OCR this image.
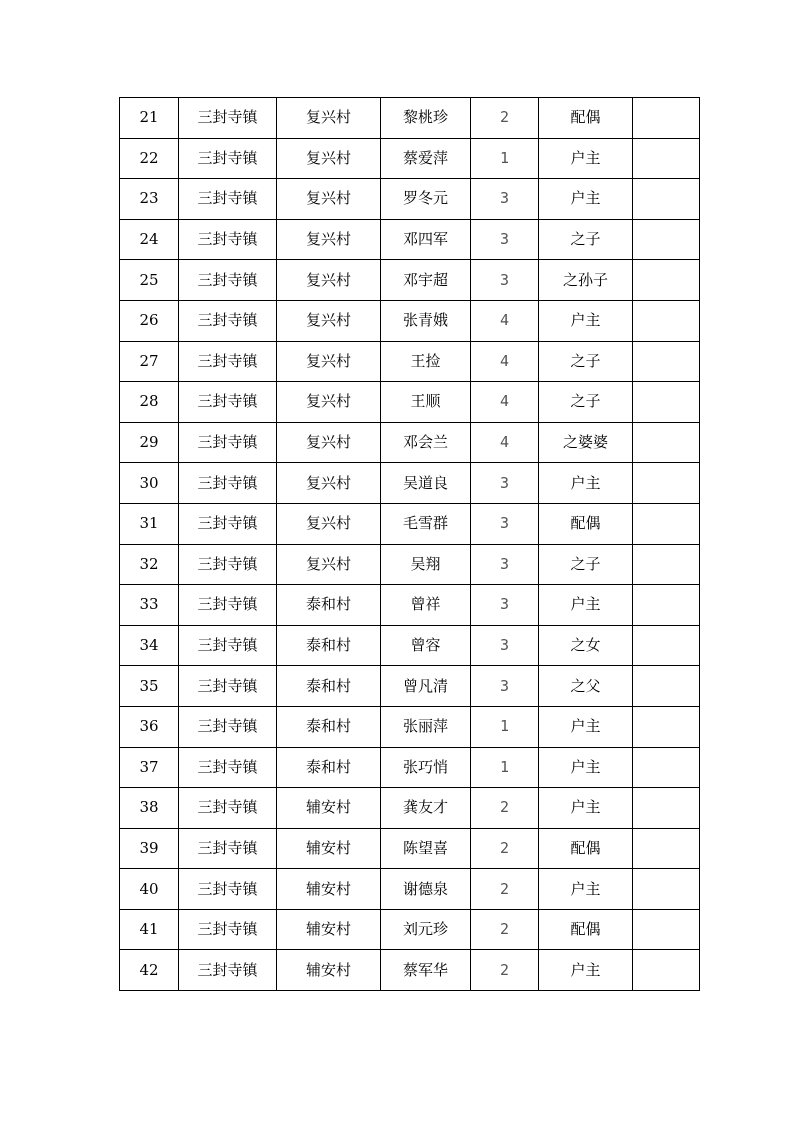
21	三封寺镇	复兴村	黎桃珍	2	配偶	
22	三封寺镇	复兴村	蔡爱萍	1	户主	
23	三封寺镇	复兴村	罗冬元	3	户主	
24	三封寺镇	复兴村	邓四军	3	之子	
25	三封寺镇	复兴村	邓宇超	3	之孙子	
26	三封寺镇	复兴村	张青娥	4	户主	
27	三封寺镇	复兴村	王捡	4	之子	
28	三封寺镇	复兴村	王顺	4	之子	
29	三封寺镇	复兴村	邓会兰	4	之婆婆	
30	三封寺镇	复兴村	吴道良	3	户主	
31	三封寺镇	复兴村	毛雪群	3	配偶	
32	三封寺镇	复兴村	吴翔	3	之子	
33	三封寺镇	泰和村	曾祥	3	户主	
34	三封寺镇	泰和村	曾容	3	之女	
35	三封寺镇	泰和村	曾凡清	3	之父	
36	三封寺镇	泰和村	张丽萍	1	户主	
37	三封寺镇	泰和村	张巧悄	1	户主	
38	三封寺镇	辅安村	龚友才	2	户主	
39	三封寺镇	辅安村	陈望喜	2	配偶	
40	三封寺镇	辅安村	谢德泉	2	户主	
41	三封寺镇	辅安村	刘元珍	2	配偶	
42	三封寺镇	辅安村	蔡军华	2	户主	
